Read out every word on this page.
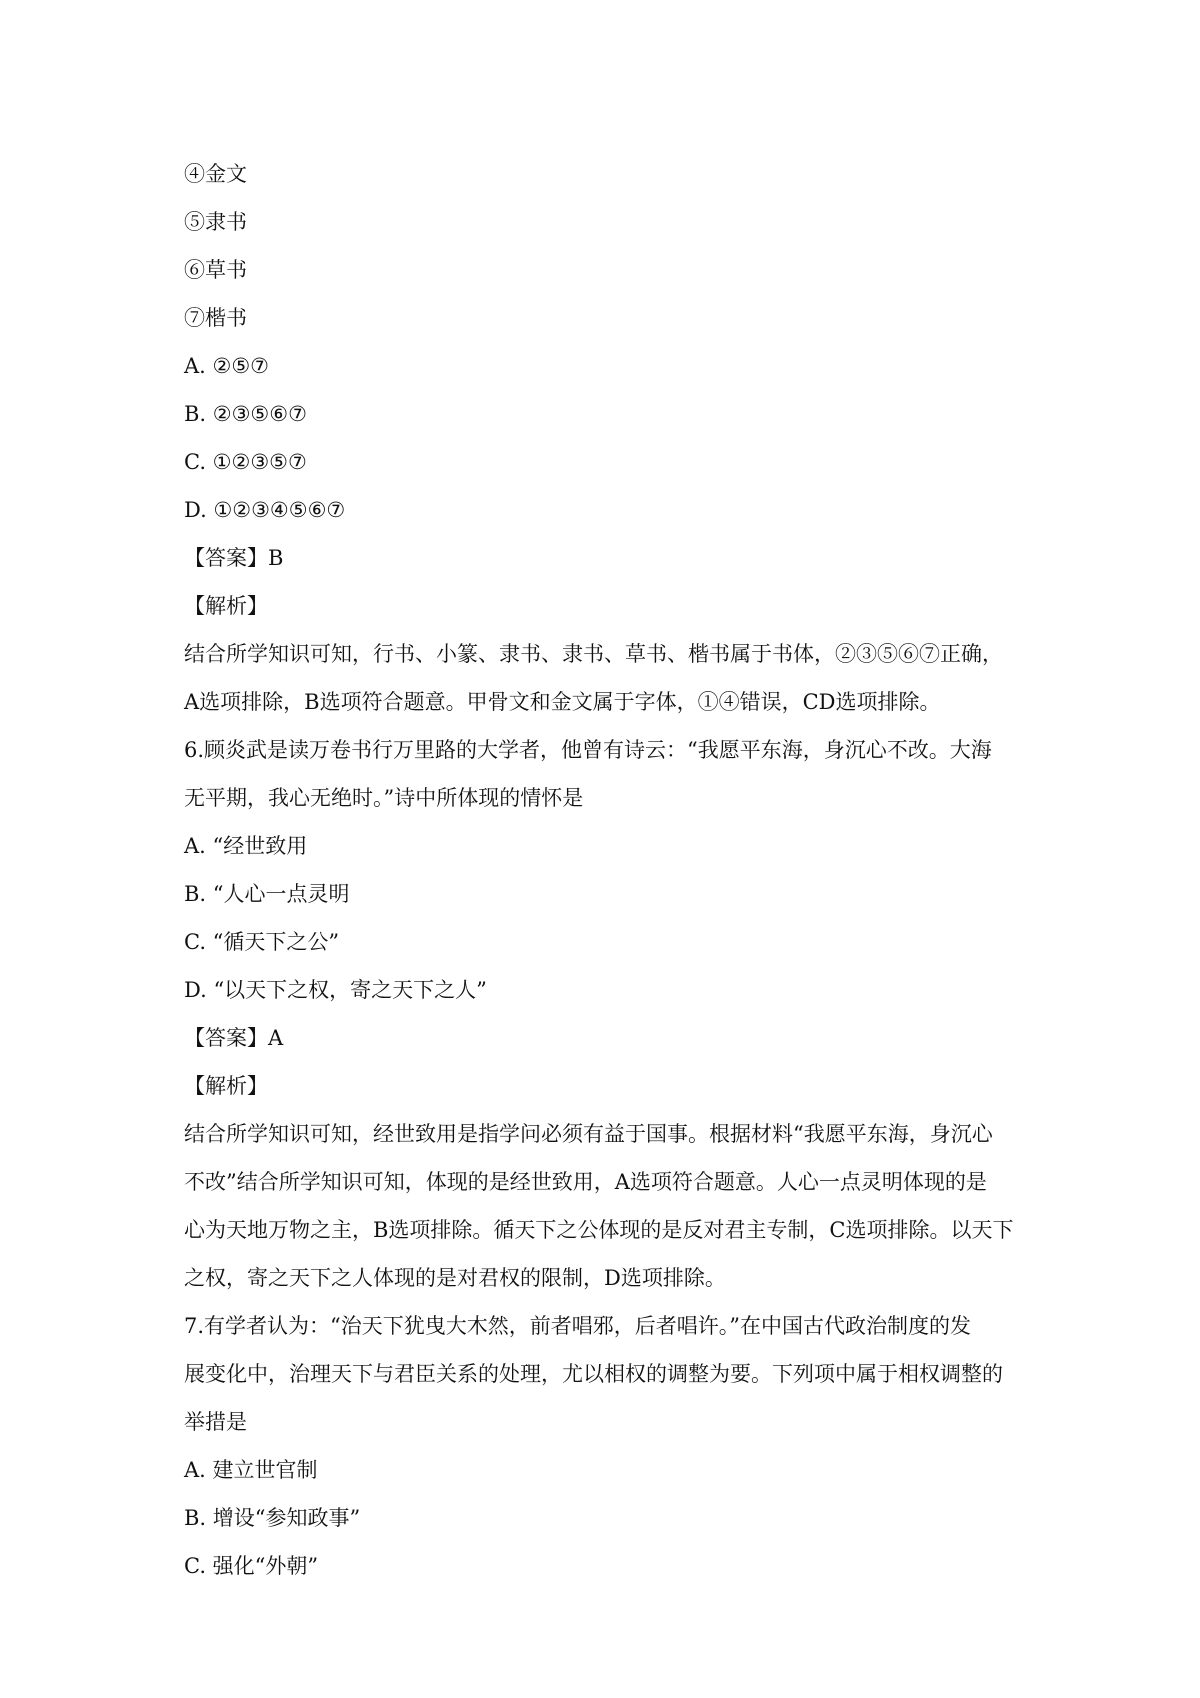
④金文
⑤隶书
⑥草书
⑦楷书
A. ②⑤⑦
B. ②③⑤⑥⑦
C. ①②③⑤⑦
D. ①②③④⑤⑥⑦
【答案】B
【解析】
结合所学知识可知，行书、小篆、隶书、隶书、草书、楷书属于书体，②③⑤⑥⑦正确，
A选项排除，B选项符合题意。甲骨文和金文属于字体，①④错误，CD选项排除。
6.顾炎武是读万卷书行万里路的大学者，他曾有诗云：“我愿平东海，身沉心不改。大海
无平期，我心无绝时。”诗中所体现的情怀是
A. “经世致用
B. “人心一点灵明
C. “循天下之公”
D. “以天下之权，寄之天下之人”
【答案】A
【解析】
结合所学知识可知，经世致用是指学问必须有益于国事。根据材料“我愿平东海，身沉心
不改”结合所学知识可知，体现的是经世致用，A选项符合题意。人心一点灵明体现的是
心为天地万物之主，B选项排除。循天下之公体现的是反对君主专制，C选项排除。以天下
之权，寄之天下之人体现的是对君权的限制，D选项排除。
7.有学者认为：“治天下犹曳大木然，前者唱邪，后者唱许。”在中国古代政治制度的发
展变化中，治理天下与君臣关系的处理，尤以相权的调整为要。下列项中属于相权调整的
举措是
A. 建立世官制
B. 增设“参知政事”
C. 强化“外朝”
